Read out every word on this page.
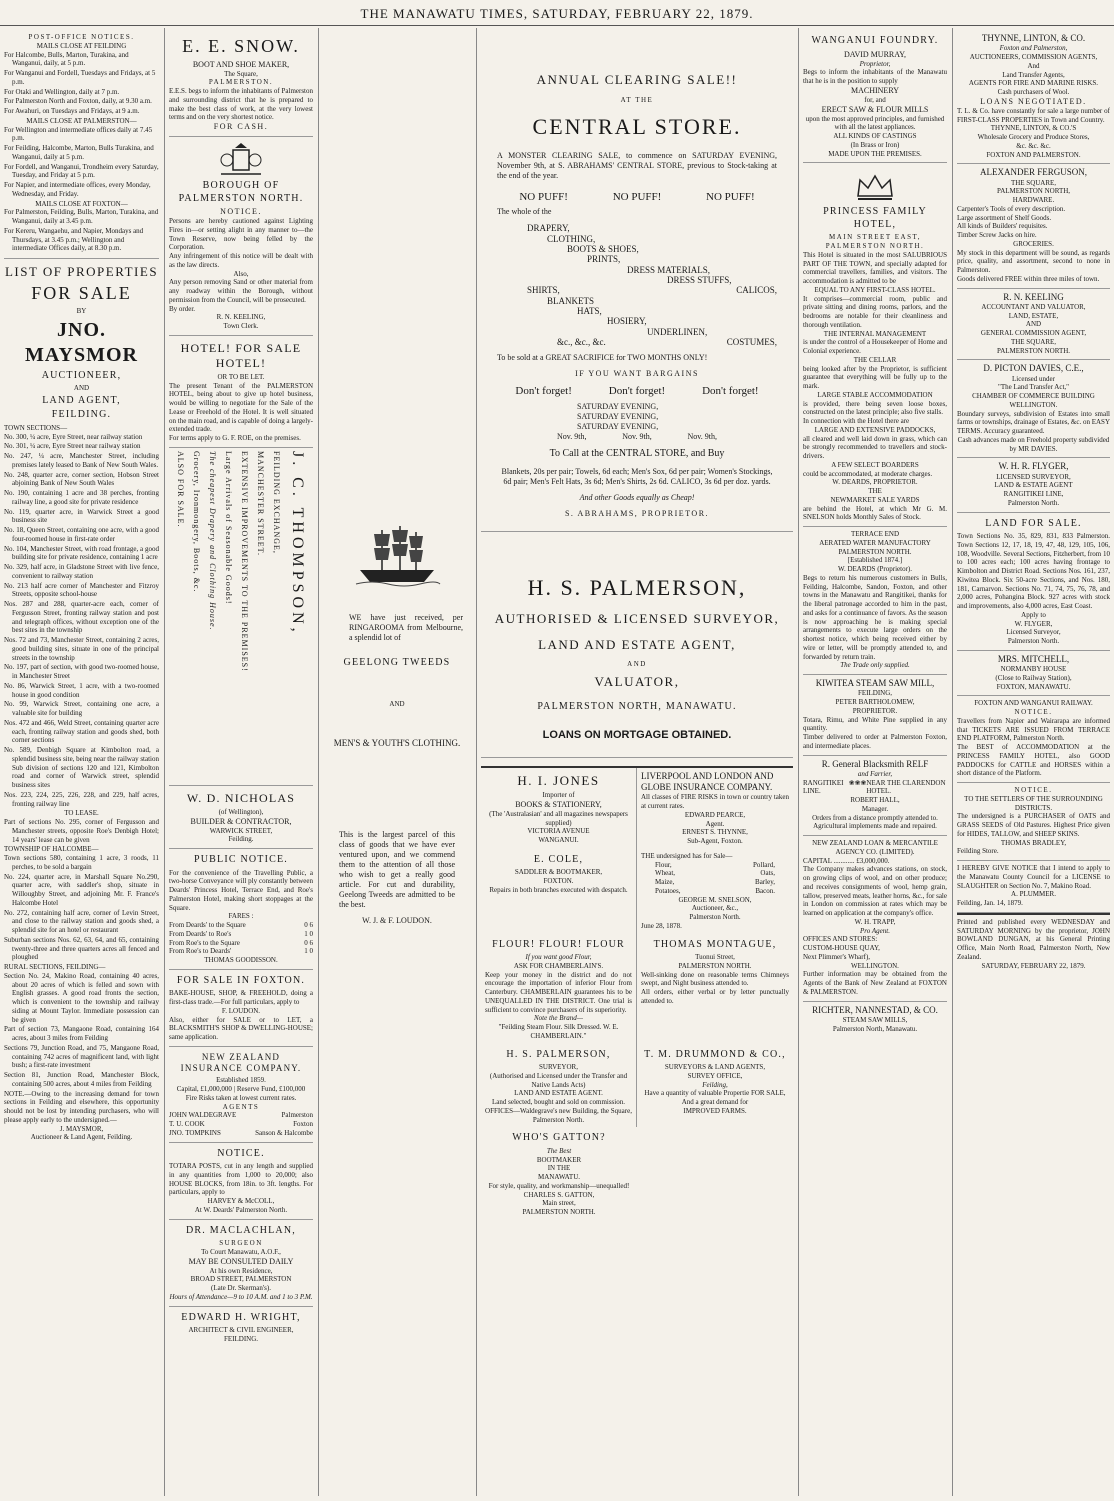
THE MANAWATU TIMES, SATURDAY, FEBRUARY 22, 1879.
POST-OFFICE NOTICES.
MAILS CLOSE AT FEILDING
For Halcombe, Bulls, Marton, Turakina, and Wanganui, daily, at 5 p.m.
For Wanganui and Fordell, Tuesdays and Fridays, at 5 p.m.
For Otaki and Wellington, daily at 7 p.m.
For Palmerston North and Foxton, daily, at 9.30 a.m.
For Awahuri, on Tuesdays and Fridays, at 9 a.m.
MAILS CLOSE AT PALMERSTON—
For Wellington and intermediate offices daily at 7.45 p.m.
For Feilding, Halcombe, Marton, Bulls Turakina, and Wanganui, daily at 5 p.m.
For Fordell, and Wanganui, Trondheim every Saturday, Tuesday, and Friday at 5 p.m.
For Napier, and intermediate offices, every Monday, Wednesday, and Friday.
MAILS CLOSE AT FOXTON—
For Palmerston, Feilding, Bulls, Marton, Turakina, and Wanganui, daily at 3.45 p.m.
For Kereru, Wangaehu, and Napier, Mondays and Thursdays, at 3.45 p.m.; Wellington and intermediate Offices daily, at 8.30 p.m.
LIST OF PROPERTIES
FOR SALE
BY
JNO. MAYSMOR
AUCTIONEER,
AND
LAND AGENT,
FEILDING.
TOWN SECTIONS—
No. 300, ¼ acre, Eyre Street, near railway station
No. 301, ¼ acre, Eyre Street near railway station
No. 247, ¼ acre, Manchester Street, including premises lately leased to Bank of New South Wales.
No. 248, quarter acre, corner section, Hobson Street abjoining Bank of New South Wales
No. 190, containing 1 acre and 38 perches, fronting railway line, a good site for private residence
No. 119, quarter acre, in Warwick Street a good business site
No. 18, Queen Street, containing one acre, with a good four-roomed house in first-rate order
No. 104, Manchester Street, with road frontage, a good building site for private residence, containing 1 acre
No. 329, half acre, in Gladstone Street with live fence, convenient to railway station
No. 213 half acre corner of Manchester and Fitzroy Streets, opposite school-house
Nos. 287 and 288, quarter-acre each, corner of Fergusson Street, fronting railway station and post and telegraph offices, without exception one of the best sites in the township
Nos. 72 and 73, Manchester Street, containing 2 acres, good building sites, situate in one of the principal streets in the township
No. 197, part of section, with good two-roomed house, in Manchester Street
No. 86, Warwick Street, 1 acre, with a two-roomed house in good condition
No. 99, Warwick Street, containing one acre, a valuable site for building
Nos. 472 and 466, Weld Street, containing quarter acre each, fronting railway station and goods shed, both corner sections
No. 589, Denbigh Square at Kimbolton road, a splendid business site, being near the railway station Sub division of sections 120 and 121, Kimbolton road and corner of Warwick street, splendid business sites
Nos. 223, 224, 225, 226, 228, and 229, half acres, fronting railway line
TO LEASE.
Part of sections No. 295, corner of Fergusson and Manchester streets, opposite Roe's Denbigh Hotel; 14 years' lease can be given
TOWNSHIP OF HALCOMBE—
Town sections 580, containing 1 acre, 3 roods, 11 perches, to be sold a bargain
No. 224, quarter acre, in Marshall Square No.290, quarter acre, with saddler's shop, situate in Willoughby Street, and adjoining Mr. F. France's Halcombe Hotel
No. 272, containing half acre, corner of Levin Street, and close to the railway station and goods shed, a splendid site for an hotel or restaurant
Suburban sections Nos. 62, 63, 64, and 65, containing twenty-three and three quarters acres all fenced and ploughed
RURAL SECTIONS, FEILDING—
Section No. 24, Makino Road, containing 40 acres, about 20 acres of which is felled and sown with English grasses. A good road fronts the section, which is convenient to the township and railway siding at Mount Taylor. Immediate possession can be given
Part of section 73, Mangaone Road, containing 164 acres, about 3 miles from Feilding
Sections 79, Junction Road, and 75, Mangaone Road, containing 742 acres of magnificent land, with light bush; a first-rate investment
Section 81, Junction Road, Manchester Block, containing 500 acres, about 4 miles from Feilding
NOTE.—Owing to the increasing demand for town sections in Feilding and elsewhere, this opportunity should not be lost by intending purchasers, who will please apply early to the undersigned.—
J. MAYSMOR,
Auctioneer & Land Agent, Feilding.
E. E. SNOW.
BOOT AND SHOE MAKER,
The Square,
PALMERSTON.
E.E.S. begs to inform the inhabitants of Palmerston and surrounding district that he is prepared to make the best class of work, at the very lowest terms and on the very shortest notice.
FOR CASH.
BOROUGH OF PALMERSTON NORTH.
NOTICE.
Persons are hereby cautioned against Lighting Fires in—or setting alight in any manner to—the Town Reserve, now being felled by the Corporation.
Any infringement of this notice will be dealt with as the law directs.
Also,
Any person removing Sand or other material from any roadway within the Borough, without permission from the Council, will be prosecuted.
By order.
R. N. KEELING,
Town Clerk.
HOTEL! FOR SALE HOTEL!
OR TO BE LET.
The present Tenant of the PALMERSTON HOTEL, being about to give up hotel business, would be willing to negotiate for the Sale of the Lease or Freehold of the Hotel. It is well situated on the main road, and is capable of doing a largely-extended trade.
For terms apply to G. F. ROE, on the premises.
ALSO FOR SALE. Grocery, Ironmongery, Boots, &c. The cheapest Drapery and Clothing House. Large Arrivals of Seasonable Goods! EXTENSIVE IMPROVEMENTS TO THE PREMISES! MANCHESTER STREET. FEILDING EXCHANGE, J. C. THOMPSON,
W. D. NICHOLAS
(of Wellington),
BUILDER & CONTRACTOR,
WARWICK STREET,
Feilding.
PUBLIC NOTICE.
For the convenience of the Travelling Public, a two-horse Conveyance will ply constantly between Deards' Princess Hotel, Terrace End, and Roe's Palmerston Hotel, making short stoppages at the Square.
FARES :
From Deards' to the Square	0 6
From Deards' to Roe's	1 0
From Roe's to the Square	0 6
From Roe's to Deards'	1 0
THOMAS GOODISSON.
FOR SALE IN FOXTON.
BAKE-HOUSE, SHOP, & FREEHOLD, doing a first-class trade.—For full particulars, apply to
F. LOUDON.
Also, either for SALE or to LET, a BLACKSMITH'S SHOP & DWELLING-HOUSE; same application.
NEW ZEALAND INSURANCE COMPANY.
Established 1859.
Capital, £1,000,000 | Reserve Fund, £100,000
Fire Risks taken at lowest current rates.
AGENTS
JOHN WALDEGRAVE	Palmerston
T. U. COOK	Foxton
JNO. TOMPKINS	Sanson & Halcombe
NOTICE.
TOTARA POSTS, cut in any length and supplied in any quantities from 1,000 to 20,000; also HOUSE BLOCKS, from 18in. to 3ft. lengths. For particulars, apply to
HARVEY & McCOLL,
At W. Deards' Palmerston North.
DR. MACLACHLAN,
SURGEON
To Court Manawatu, A.O.F.,
MAY BE CONSULTED DAILY
At his own Residence,
BROAD STREET, PALMERSTON
(Late Dr. Skerman's).
Hours of Attendance—9 to 10 A.M. and 1 to 3 P.M.
EDWARD H. WRIGHT,
ARCHITECT & CIVIL ENGINEER,
FEILDING.
WE have just received, per RINGAROOMA from Melbourne, a splendid lot of
GEELONG TWEEDS
AND
MEN'S & YOUTH'S CLOTHING.
This is the largest parcel of this class of goods that we have ever ventured upon, and we commend them to the attention of all those who wish to get a really good article. For cut and durability, Geelong Tweeds are admitted to be the best.
W. J. & F. LOUDON.
ANNUAL CLEARING SALE!!
AT THE
CENTRAL STORE.
A MONSTER CLEARING SALE, to commence on SATURDAY EVENING, November 9th, at S. ABRAHAMS' CENTRAL STORE, previous to Stock-taking at the end of the year.
NO PUFF!	NO PUFF!	NO PUFF!
The whole of the
DRAPERY,
CLOTHING,
BOOTS & SHOES,
PRINTS,
DRESS MATERIALS,
DRESS STUFFS,
SHIRTS,	CALICOS,
BLANKETS
HATS,
HOSIERY,
UNDERLINEN,
&c., &c., &c.	COSTUMES,
To be sold at a GREAT SACRIFICE for TWO MONTHS ONLY!
IF YOU WANT BARGAINS
Don't forget!	Don't forget!	Don't forget!
SATURDAY EVENING,
SATURDAY EVENING,
SATURDAY EVENING,
Nov. 9th,	Nov. 9th,	Nov. 9th,
To Call at the CENTRAL STORE, and Buy
Blankets, 20s per pair; Towels, 6d each; Men's Sox, 6d per pair; Women's Stockings, 6d pair; Men's Felt Hats, 3s 6d; Men's Shirts, 2s 6d. CALICO, 3s 6d per doz. yards.
And other Goods equally as Cheap!
S. ABRAHAMS, PROPRIETOR.
H. S. PALMERSON,
AUTHORISED & LICENSED SURVEYOR,
LAND AND ESTATE AGENT,
AND
VALUATOR,
PALMERSTON NORTH, MANAWATU.
LOANS ON MORTGAGE OBTAINED.
H. I. JONES
Importer of
BOOKS & STATIONERY,
(The 'Australasian' and all magazines newspapers supplied)
VICTORIA AVENUE
WANGANUI.
LIVERPOOL AND LONDON AND GLOBE INSURANCE COMPANY.
All classes of FIRE RISKS in town or country taken at current rates.
EDWARD PEARCE,
Agent.
ERNEST S. THYNNE,
Sub-Agent, Foxton.
E. COLE,
SADDLER & BOOTMAKER,
FOXTON.
Repairs in both branches executed with despatch.
THE undersigned has for Sale—
Flour,	Pollard,
Wheat,	Oats,
Maize,	Barley,
Potatoes,	Bacon.
GEORGE M. SNELSON,
Auctioneer, &c.,
Palmerston North.
June 28, 1878.
FLOUR! FLOUR! FLOUR
If you want good Flour,
ASK FOR CHAMBERLAIN'S.
Keep your money in the district and do not encourage the importation of inferior Flour from Canterbury. CHAMBERLAIN guarantees his to be UNEQUALLED IN THE DISTRICT. One trial is sufficient to convince purchasers of its superiority.
Note the Brand—
"Feilding Steam Flour. Silk Dressed. W. E. CHAMBERLAIN."
THOMAS MONTAGUE,
Tuonui Street,
PALMERSTON NORTH.
Well-sinking done on reasonable terms Chimneys swept, and Night business attended to.
All orders, either verbal or by letter punctually attended to.
H. S. PALMERSON,
SURVEYOR,
(Authorised and Licensed under the Transfer and Native Lands Acts)
LAND AND ESTATE AGENT.
Land selected, bought and sold on commission.
OFFICES—Waldegrave's new Building, the Square, Palmerston North.
T. M. DRUMMOND & CO.,
SURVEYORS & LAND AGENTS,
SURVEY OFFICE,
Feilding,
Have a quantity of valuable Propertie FOR SALE,
And a great demand for
IMPROVED FARMS.
WHO'S GATTON?
The Best
BOOTMAKER
IN THE
MANAWATU.
For style, quality, and workmanship—unequalled!
CHARLES S. GATTON,
Main street,
PALMERSTON NORTH.
WANGANUI FOUNDRY.
DAVID MURRAY,
Proprietor,
Begs to inform the inhabitants of the Manawatu that he is in the position to supply
MACHINERY
for, and
ERECT SAW & FLOUR MILLS
upon the most approved principles, and furnished with all the latest appliances.
ALL KINDS OF CASTINGS
(In Brass or Iron)
MADE UPON THE PREMISES.
PRINCESS FAMILY HOTEL,
MAIN STREET EAST,
PALMERSTON NORTH.
This Hotel is situated in the most SALUBRIOUS PART OF THE TOWN, and specially adapted for commercial travellers, families, and visitors. The accommodation is admitted to be
EQUAL TO ANY FIRST-CLASS HOTEL.
It comprises—commercial room, public and private sitting and dining rooms, parlors, and the bedrooms are notable for their cleanliness and thorough ventilation.
THE INTERNAL MANAGEMENT
is under the control of a Housekeeper of Home and Colonial experience.
THE CELLAR
being looked after by the Proprietor, is sufficient guarantee that everything will be fully up to the mark.
LARGE STABLE ACCOMMODATION
is provided, there being seven loose boxes, constructed on the latest principle; also five stalls.
In connection with the Hotel there are
LARGE AND EXTENSIVE PADDOCKS,
all cleared and well laid down in grass, which can be strongly recommended to travellers and stock-drivers.
A FEW SELECT BOARDERS
could be accommodated, at moderate charges.
W. DEARDS, PROPRIETOR.
THE
NEWMARKET SALE YARDS
are behind the Hotel, at which Mr G. M. SNELSON holds Monthly Sales of Stock.
TERRACE END
AERATED WATER MANUFACTORY
PALMERSTON NORTH.
[Established 1874.]
W. DEARDS (Proprietor).
Begs to return his numerous customers in Bulls, Feilding, Halcombe, Sandon, Foxton, and other towns in the Manawatu and Rangitikei, thanks for the liberal patronage accorded to him in the past, and asks for a continuance of favors. As the season is now approaching he is making special arrangements to execute large orders on the shortest notice, which being received either by wire or letter, will be promptly attended to, and forwarded by return train.
The Trade only supplied.
KIWITEA STEAM SAW MILL,
FEILDING,
PETER BARTHOLOMEW,
PROPRIETOR.
Totara, Rimu, and White Pine supplied in any quantity.
Timber delivered to order at Palmerston Foxton, and intermediate places.
R. General Blacksmith RELF
and Farrier,
RANGITIKEI LINE.
❀❀❀ NEAR THE CLARENDON HOTEL.
ROBERT HALL,
Manager.
Orders from a distance promptly attended to.
Agricultural implements made and repaired.
NEW ZEALAND LOAN & MERCANTILE AGENCY CO. (LIMITED).
CAPITAL ............ £3,000,000.
The Company makes advances stations, on stock, on growing clips of wool, and on other produce; and receives consignments of wool, hemp grain, tallow, preserved meats, leather horns, &c., for sale in London on commission at rates which may be learned on application at the company's office.
W. H. TRAPP,
Pro Agent.
OFFICES AND STORES:
CUSTOM-HOUSE QUAY,
Next Plimmer's Wharf),
WELLINGTON.
Further information may be obtained from the Agents of the Bank of New Zealand at FOXTON & PALMERSTON.
RICHTER, NANNESTAD, & CO.
STEAM SAW MILLS,
Palmerston North, Manawatu.
THYNNE, LINTON, & CO.
Foxton and Palmerston,
AUCTIONEERS, COMMISSION AGENTS,
And
Land Transfer Agents,
AGENTS FOR FIRE AND MARINE RISKS.
Cash purchasers of Wool.
LOANS NEGOTIATED.
T. L. & Co. have constantly for sale a large number of FIRST-CLASS PROPERTIES in Town and Country.
THYNNE, LINTON, & CO.'S
Wholesale Grocery and Produce Stores,
&c. &c. &c.
FOXTON AND PALMERSTON.
ALEXANDER FERGUSON,
THE SQUARE,
PALMERSTON NORTH,
HARDWARE.
Carpenter's Tools of every description.
Large assortment of Shelf Goods.
All kinds of Builders' requisites.
Timber Screw Jacks on hire.
GROCERIES.
My stock in this department will be sound, as regards price, quality, and assortment, second to none in Palmerston.
Goods delivered FREE within three miles of town.
R. N. KEELING
ACCOUNTANT AND VALUATOR,
LAND, ESTATE,
AND
GENERAL COMMISSION AGENT,
THE SQUARE,
PALMERSTON NORTH.
D. PICTON DAVIES, C.E.,
Licensed under
"The Land Transfer Act,"
CHAMBER OF COMMERCE BUILDING
WELLINGTON.
Boundary surveys, subdivision of Estates into small farms or townships, drainage of Estates, &c. on EASY TERMS. Accuracy guaranteed.
Cash advances made on Freehold property subdivided
by MR DAVIES.
W. H. R. FLYGER,
LICENSED SURVEYOR,
LAND & ESTATE AGENT
RANGITIKEI LINE,
Palmerston North.
LAND FOR SALE.
Town Sections No. 35, 829, 831, 833 Palmerston. Town Sections 12, 17, 18, 19, 47, 48, 129, 105, 106, 108, Woodville. Several Sections, Fitzherbert, from 10 to 100 acres each; 100 acres having frontage to Kimbolton and District Road. Sections Nos. 161, 237, Kiwitea Block. Six 50-acre Sections, and Nos. 180, 181, Carnarvon. Sections No. 71, 74, 75, 76, 78, and 2,000 acres, Pohangina Block. 927 acres with stock and improvements, also 4,000 acres, East Coast.
Apply to
W. FLYGER,
Licensed Surveyor,
Palmerston North.
MRS. MITCHELL,
NORMANBY HOUSE
(Close to Railway Station),
FOXTON, MANAWATU.
FOXTON AND WANGANUI RAILWAY.
NOTICE.
Travellers from Napier and Wairarapa are informed that TICKETS ARE ISSUED FROM TERRACE END PLATFORM, Palmerston North.
The BEST of ACCOMMODATION at the PRINCESS FAMILY HOTEL, also GOOD PADDOCKS for CATTLE and HORSES within a short distance of the Platform.
NOTICE.
TO THE SETTLERS OF THE SURROUNDING DISTRICTS.
The undersigned is a PURCHASER of OATS and GRASS SEEDS of Old Pastures. Highest Price given for HIDES, TALLOW, and SHEEP SKINS.
THOMAS BRADLEY,
Feilding Store.
I HEREBY GIVE NOTICE that I intend to apply to the Manawatu County Council for a LICENSE to SLAUGHTER on Section No. 7, Makino Road.
A. PLUMMER.
Feilding, Jan. 14, 1879.
Printed and published every WEDNESDAY and SATURDAY MORNING by the proprietor, JOHN BOWLAND DUNGAN, at his General Printing Office, Main North Road, Palmerston North, New Zealand.
SATURDAY, FEBRUARY 22, 1879.
